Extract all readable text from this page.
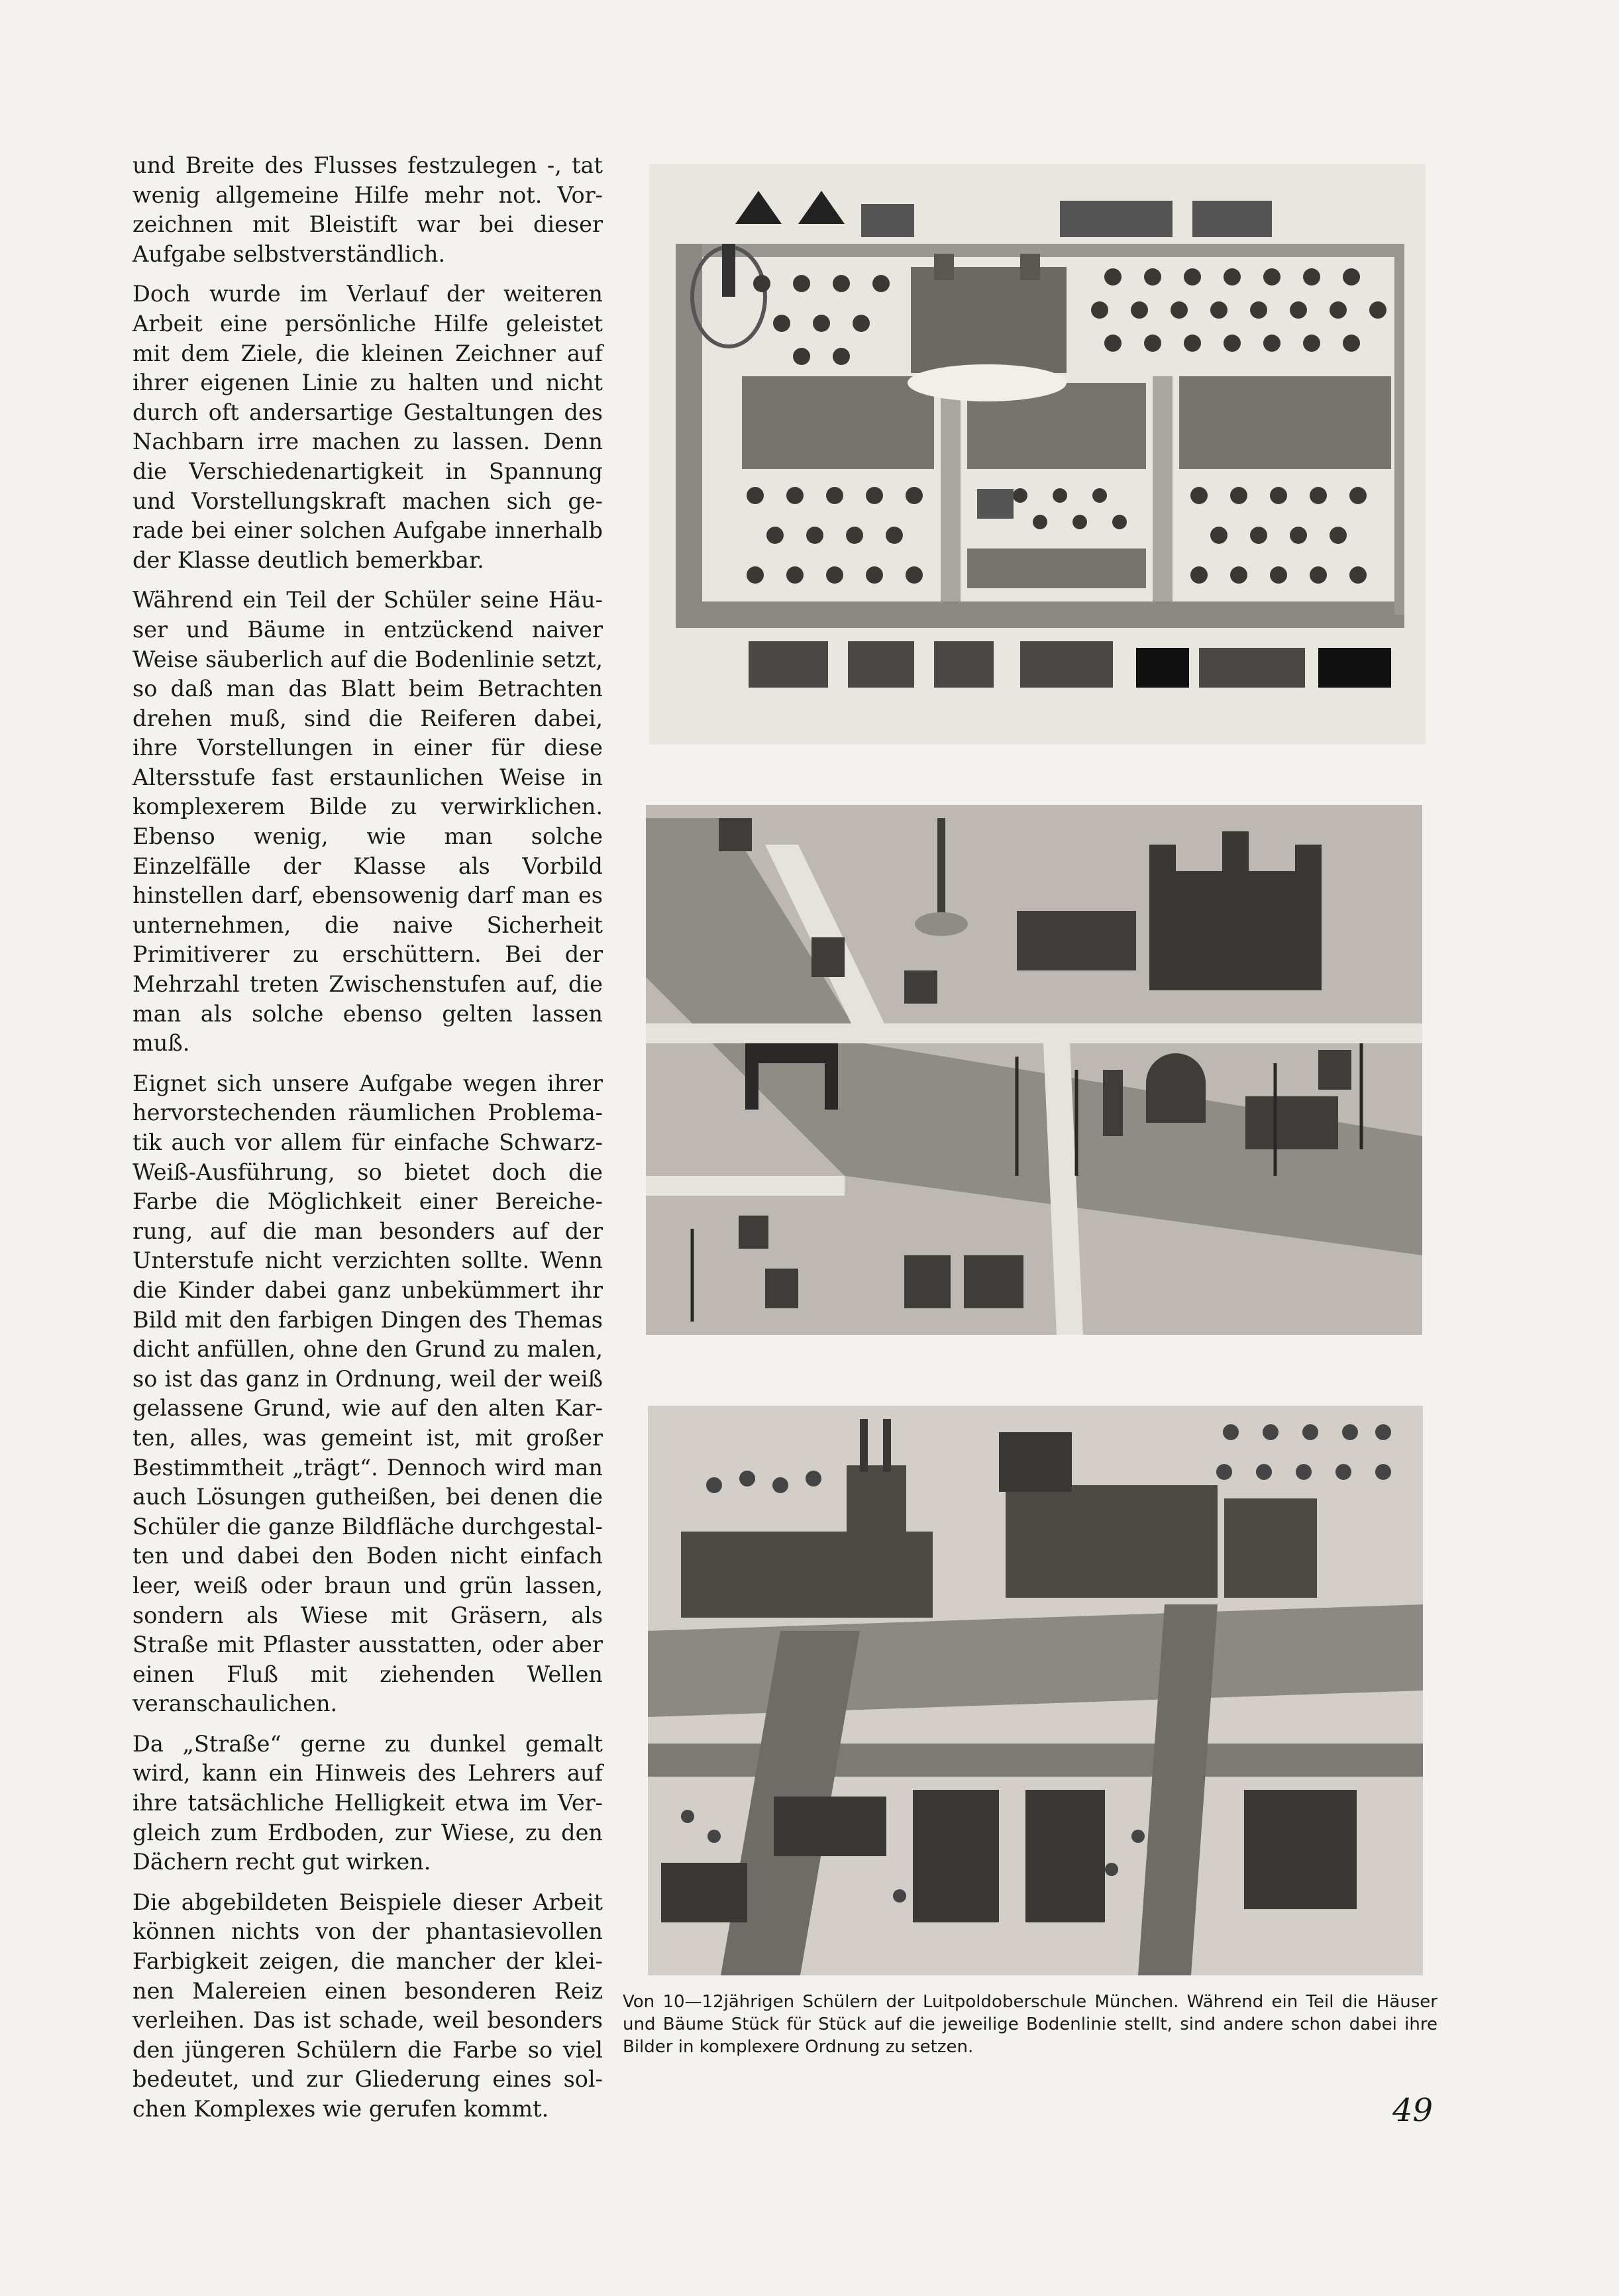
und Breite des Flusses festzulegen -, tat wenig allgemeine Hilfe mehr not. Vorzeichnen mit Bleistift war bei dieser Aufgabe selbstverständlich.

Doch wurde im Verlauf der weiteren Arbeit eine persönliche Hilfe geleistet mit dem Ziele, die kleinen Zeichner auf ihrer eigenen Linie zu halten und nicht durch oft andersartige Gestaltungen des Nachbarn irre machen zu lassen. Denn die Verschiedenartigkeit in Spannung und Vorstellungskraft machen sich gerade bei einer solchen Aufgabe innerhalb der Klasse deutlich bemerkbar.

Während ein Teil der Schüler seine Häuser und Bäume in entzückend naiver Weise säuberlich auf die Bodenlinie setzt, so daß man das Blatt beim Betrachten drehen muß, sind die Reiferen dabei, ihre Vorstellungen in einer für diese Altersstufe fast erstaunlichen Weise in komplexerem Bilde zu verwirklichen. Ebenso wenig, wie man solche Einzelfälle der Klasse als Vorbild hinstellen darf, ebensowenig darf man es unternehmen, die naive Sicherheit Primitiverer zu erschüttern. Bei der Mehrzahl treten Zwischenstufen auf, die man als solche ebenso gelten lassen muß.

Eignet sich unsere Aufgabe wegen ihrer hervorstechenden räumlichen Problematik auch vor allem für einfache Schwarz-Weiß-Ausführung, so bietet doch die Farbe die Möglichkeit einer Bereicherung, auf die man besonders auf der Unterstufe nicht verzichten sollte. Wenn die Kinder dabei ganz unbekümmert ihr Bild mit den farbigen Dingen des Themas dicht anfüllen, ohne den Grund zu malen, so ist das ganz in Ordnung, weil der weiß gelassene Grund, wie auf den alten Karten, alles, was gemeint ist, mit großer Bestimmtheit „trägt“. Dennoch wird man auch Lösungen gutheißen, bei denen die Schüler die ganze Bildfläche durchgestalten und dabei den Boden nicht einfach leer, weiß oder braun und grün lassen, sondern als Wiese mit Gräsern, als Straße mit Pflaster ausstatten, oder aber einen Fluß mit ziehenden Wellen veranschaulichen.

Da „Straße“ gerne zu dunkel gemalt wird, kann ein Hinweis des Lehrers auf ihre tatsächliche Helligkeit etwa im Vergleich zum Erdboden, zur Wiese, zu den Dächern recht gut wirken.

Die abgebildeten Beispiele dieser Arbeit können nichts von der phantasievollen Farbigkeit zeigen, die mancher der kleinen Malereien einen besonderen Reiz verleihen. Das ist schade, weil besonders den jüngeren Schülern die Farbe so viel bedeutet, und zur Gliederung eines solchen Komplexes wie gerufen kommt.

Von 10—12jährigen Schülern der Luitpoldoberschule München. Während ein Teil die Häuser und Bäume Stück für Stück auf die jeweilige Bodenlinie stellt, sind andere schon dabei ihre Bilder in komplexere Ordnung zu setzen.
49
